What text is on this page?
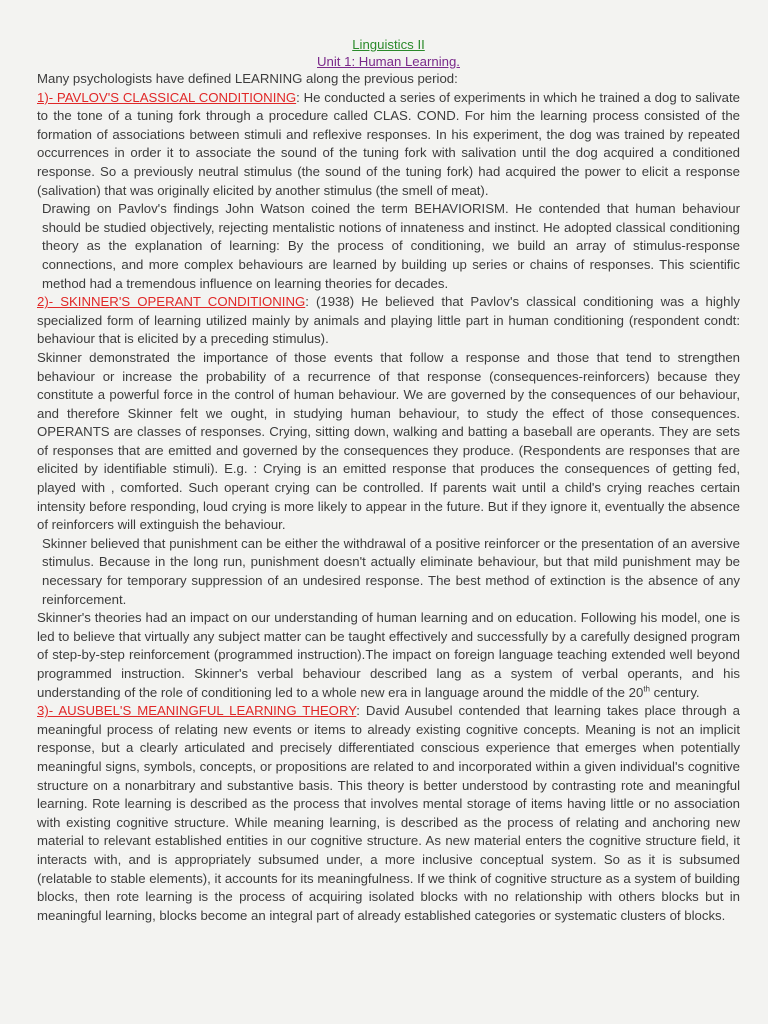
Linguistics II

Unit 1: Human Learning.

Many psychologists have defined LEARNING along the previous period:

1)- PAVLOV'S CLASSICAL CONDITIONING: He conducted a series of experiments in which he trained a dog to salivate to the tone of a tuning fork through a procedure called CLAS. COND. For him the learning process consisted of the formation of associations between stimuli and reflexive responses. In his experiment, the dog was trained by repeated occurrences in order it to associate the sound of the tuning fork with salivation until the dog acquired a conditioned response. So a previously neutral stimulus (the sound of the tuning fork) had acquired the power to elicit a response (salivation) that was originally elicited by another stimulus (the smell of meat).

Drawing on Pavlov's findings John Watson coined the term BEHAVIORISM. He contended that human behaviour should be studied objectively, rejecting mentalistic notions of innateness and instinct. He adopted classical conditioning theory as the explanation of learning: By the process of conditioning, we build an array of stimulus-response connections, and more complex behaviours are learned by building up series or chains of responses. This scientific method had a tremendous influence on learning theories for decades.

2)- SKINNER'S OPERANT CONDITIONING: (1938) He believed that Pavlov's classical conditioning was a highly specialized form of learning utilized mainly by animals and playing little part in human conditioning (respondent condt: behaviour that is elicited by a preceding stimulus).

Skinner demonstrated the importance of those events that follow a response and those that tend to strengthen behaviour or increase the probability of a recurrence of that response (consequences-reinforcers) because they constitute a powerful force in the control of human behaviour. We are governed by the consequences of our behaviour, and therefore Skinner felt we ought, in studying human behaviour, to study the effect of those consequences. OPERANTS are classes of responses. Crying, sitting down, walking and batting a baseball are operants. They are sets of responses that are emitted and governed by the consequences they produce. (Respondents are responses that are elicited by identifiable stimuli). E.g. : Crying is an emitted response that produces the consequences of getting fed, played with , comforted. Such operant crying can be controlled. If parents wait until a child's crying reaches certain intensity before responding, loud crying is more likely to appear in the future. But if they ignore it, eventually the absence of reinforcers will extinguish the behaviour.

Skinner believed that punishment can be either the withdrawal of a positive reinforcer or the presentation of an aversive stimulus. Because in the long run, punishment doesn't actually eliminate behaviour, but that mild punishment may be necessary for temporary suppression of an undesired response. The best method of extinction is the absence of any reinforcement.

Skinner's theories had an impact on our understanding of human learning and on education. Following his model, one is led to believe that virtually any subject matter can be taught effectively and successfully by a carefully designed program of step-by-step reinforcement (programmed instruction).The impact on foreign language teaching extended well beyond programmed instruction. Skinner's verbal behaviour described lang as a system of verbal operants, and his understanding of the role of conditioning led to a whole new era in language around the middle of the 20th century.

3)- AUSUBEL'S MEANINGFUL LEARNING THEORY: David Ausubel contended that learning takes place through a meaningful process of relating new events or items to already existing cognitive concepts. Meaning is not an implicit response, but a clearly articulated and precisely differentiated conscious experience that emerges when potentially meaningful signs, symbols, concepts, or propositions are related to and incorporated within a given individual's cognitive structure on a nonarbitrary and substantive basis. This theory is better understood by contrasting rote and meaningful learning. Rote learning is described as the process that involves mental storage of items having little or no association with existing cognitive structure. While meaning learning, is described as the process of relating and anchoring new material to relevant established entities in our cognitive structure. As new material enters the cognitive structure field, it interacts with, and is appropriately subsumed under, a more inclusive conceptual system. So as it is subsumed (relatable to stable elements), it accounts for its meaningfulness. If we think of cognitive structure as a system of building blocks, then rote learning is the process of acquiring isolated blocks with no relationship with others blocks but in meaningful learning, blocks become an integral part of already established categories or systematic clusters of blocks.
